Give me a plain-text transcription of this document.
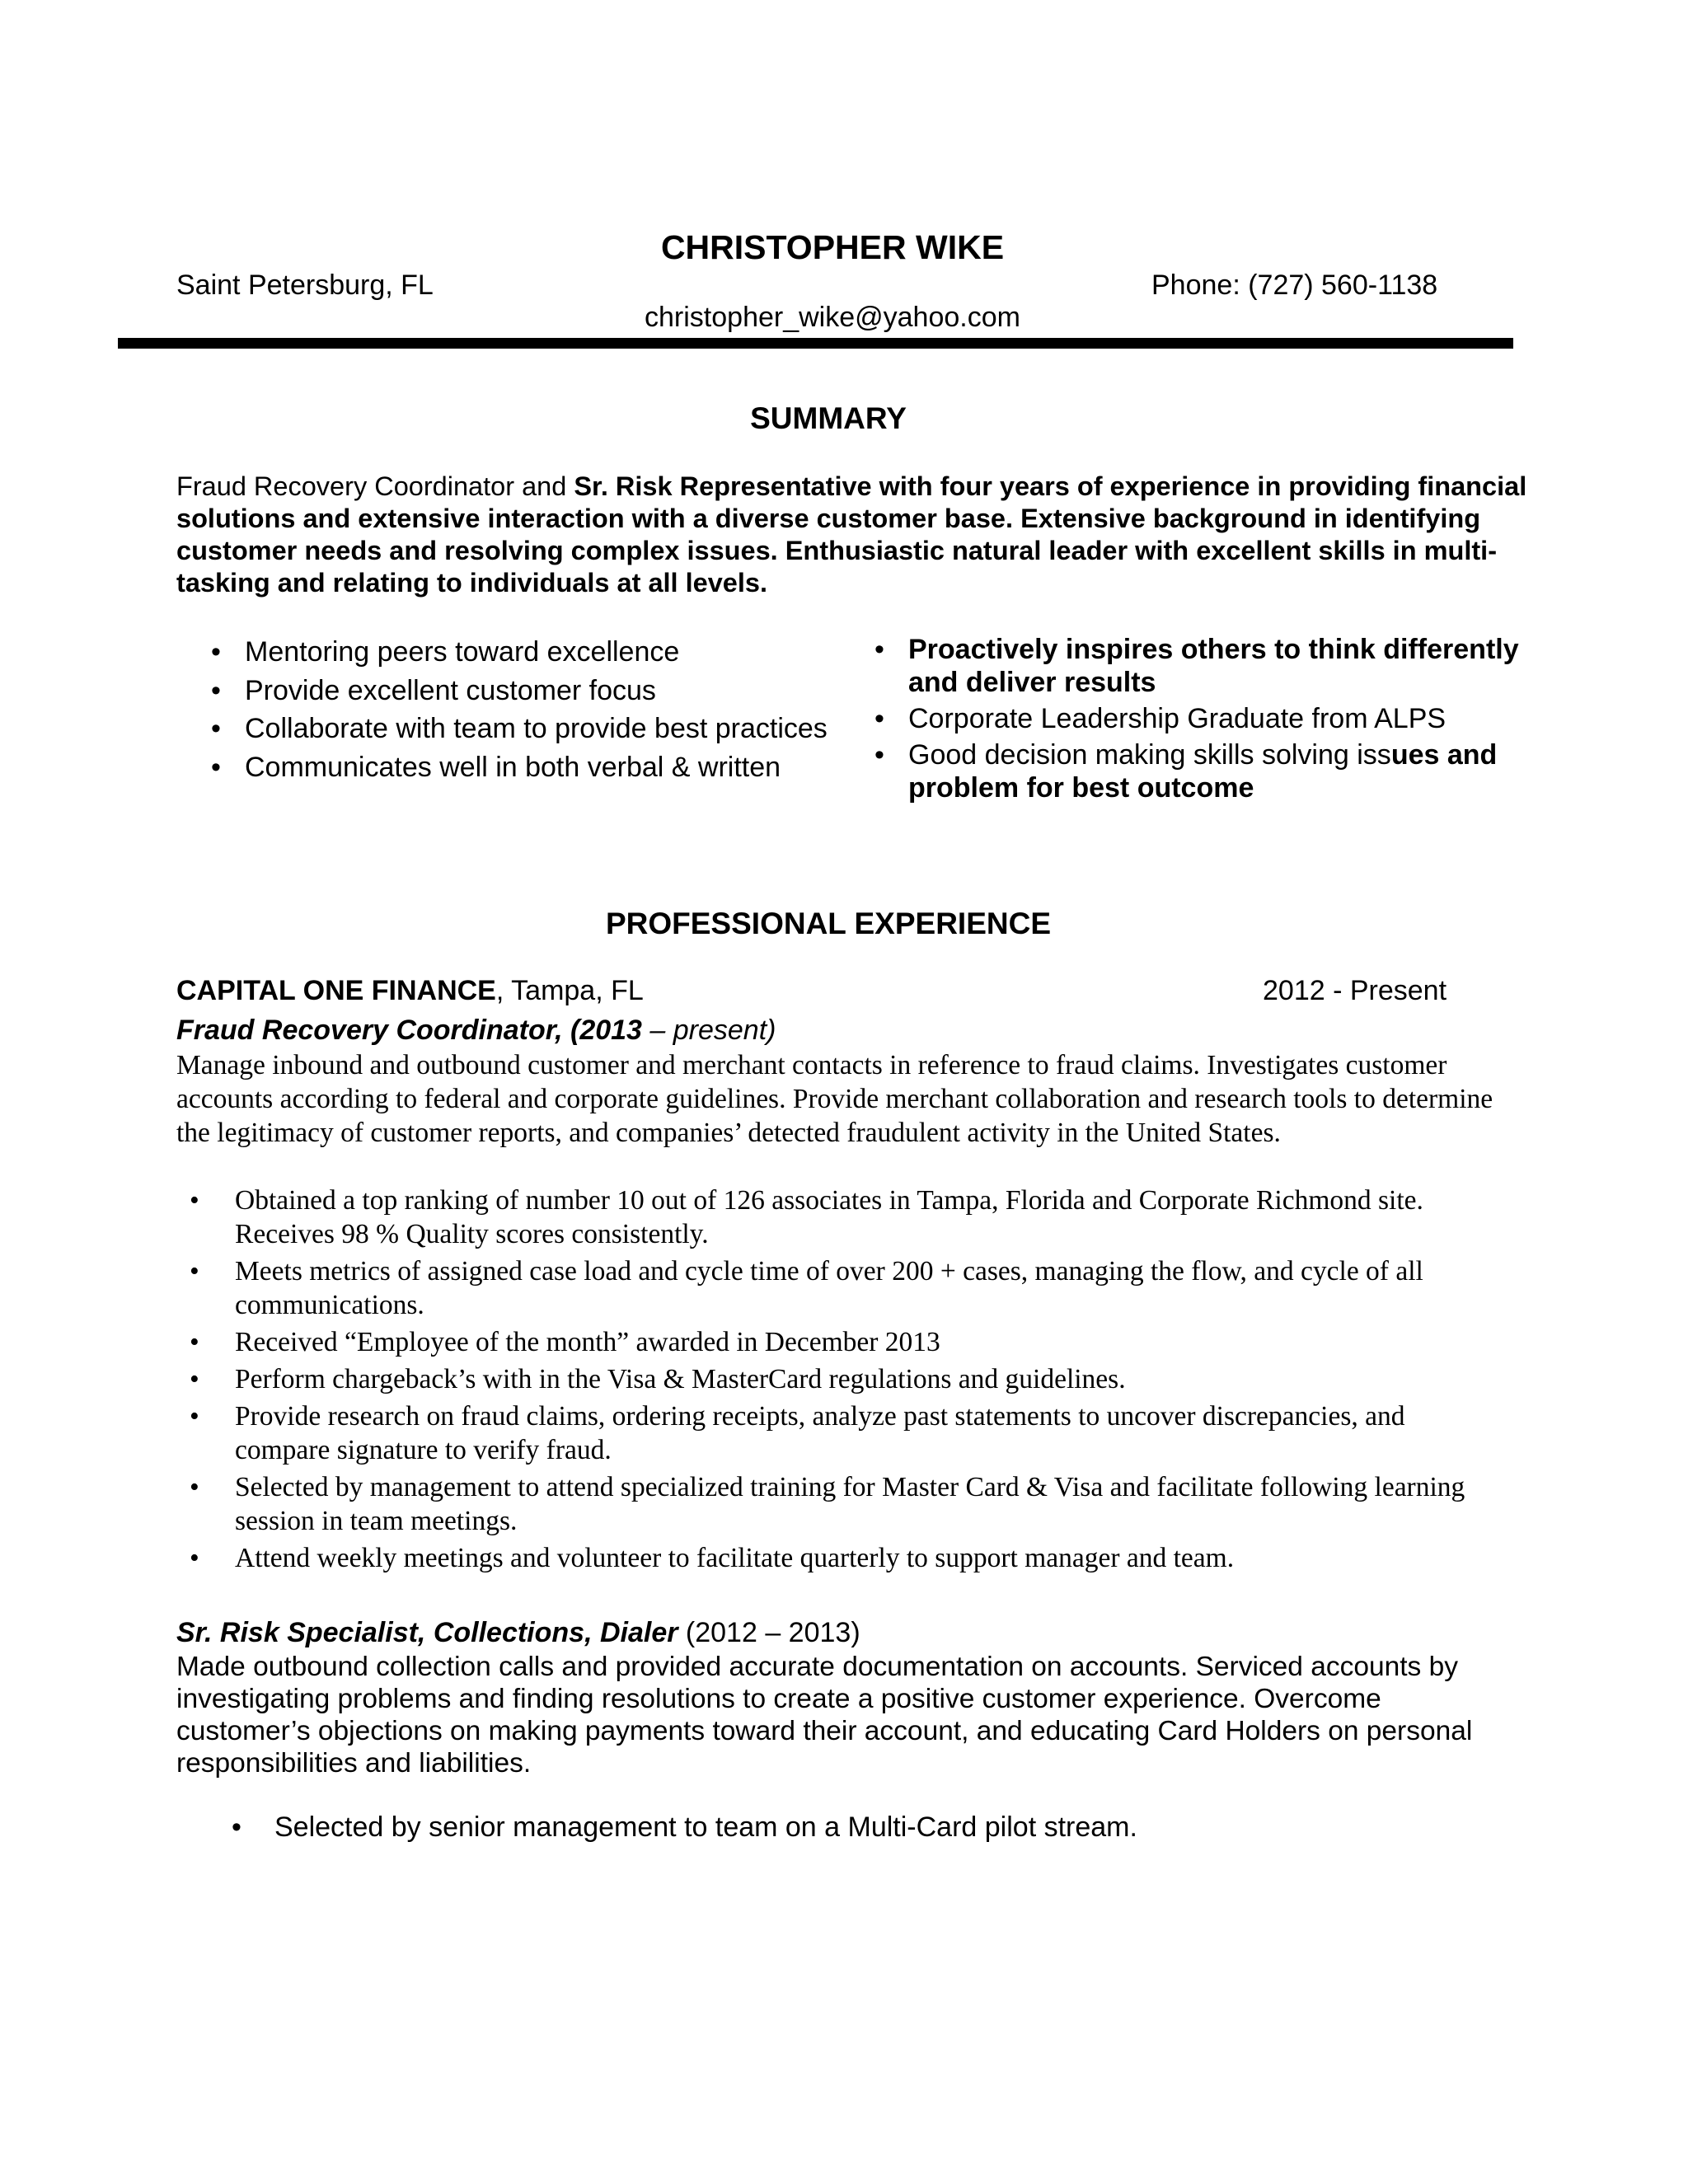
CHRISTOPHER WIKE
Saint Petersburg, FL	Phone: (727) 560-1138
christopher_wike@yahoo.com
SUMMARY
Fraud Recovery Coordinator and Sr. Risk Representative with four years of experience in providing financial solutions and extensive interaction with a diverse customer base. Extensive background in identifying customer needs and resolving complex issues. Enthusiastic natural leader with excellent skills in multi-tasking and relating to individuals at all levels.
• Mentoring peers toward excellence
• Provide excellent customer focus
• Collaborate with team to provide best practices
• Communicates well in both verbal & written
• Proactively inspires others to think differently and deliver results
• Corporate Leadership Graduate from ALPS
• Good decision making skills solving issues and problem for best outcome
PROFESSIONAL EXPERIENCE
CAPITAL ONE FINANCE, Tampa, FL	2012 - Present
Fraud Recovery Coordinator, (2013 – present)
Manage inbound and outbound customer and merchant contacts in reference to fraud claims. Investigates customer accounts according to federal and corporate guidelines. Provide merchant collaboration and research tools to determine the legitimacy of customer reports, and companies’ detected fraudulent activity in the United States.
• Obtained a top ranking of number 10 out of 126 associates in Tampa, Florida and Corporate Richmond site. Receives 98 % Quality scores consistently.
• Meets metrics of assigned case load and cycle time of over 200 + cases, managing the flow, and cycle of all communications.
• Received “Employee of the month” awarded in December 2013
• Perform chargeback’s with in the Visa & MasterCard regulations and guidelines.
• Provide research on fraud claims, ordering receipts, analyze past statements to uncover discrepancies, and compare signature to verify fraud.
• Selected by management to attend specialized training for Master Card & Visa and facilitate following learning session in team meetings.
• Attend weekly meetings and volunteer to facilitate quarterly to support manager and team.
Sr. Risk Specialist, Collections, Dialer (2012 – 2013)
Made outbound collection calls and provided accurate documentation on accounts. Serviced accounts by investigating problems and finding resolutions to create a positive customer experience. Overcome customer’s objections on making payments toward their account, and educating Card Holders on personal responsibilities and liabilities.
• Selected by senior management to team on a Multi-Card pilot stream.
